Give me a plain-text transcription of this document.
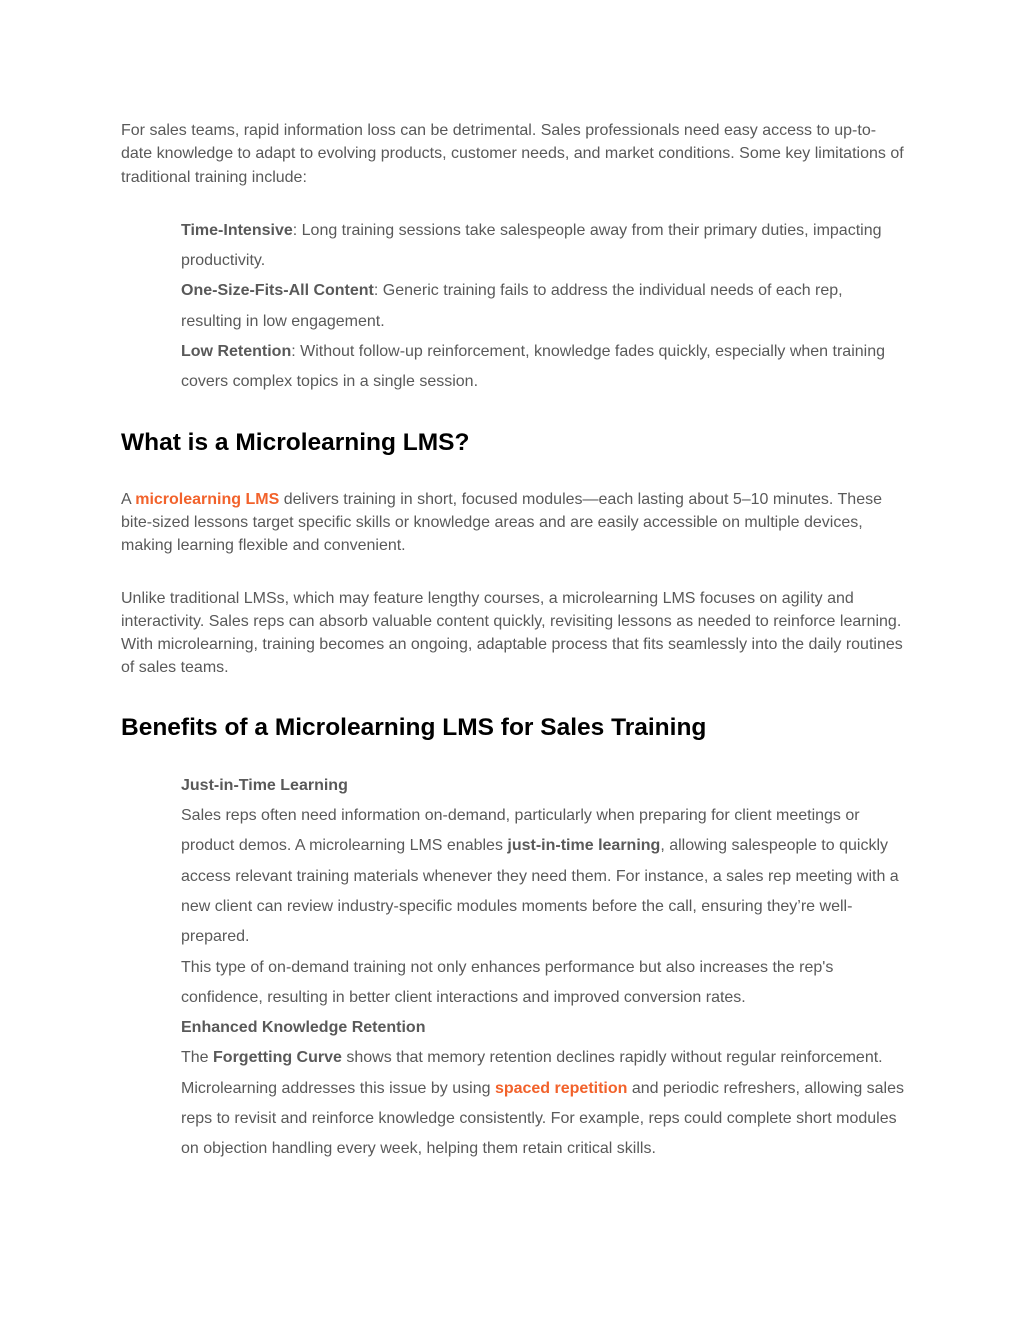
For sales teams, rapid information loss can be detrimental. Sales professionals need easy access to up-to-date knowledge to adapt to evolving products, customer needs, and market conditions. Some key limitations of traditional training include:

Time-Intensive: Long training sessions take salespeople away from their primary duties, impacting productivity.

One-Size-Fits-All Content: Generic training fails to address the individual needs of each rep, resulting in low engagement.

Low Retention: Without follow-up reinforcement, knowledge fades quickly, especially when training covers complex topics in a single session.

What is a Microlearning LMS?

A microlearning LMS delivers training in short, focused modules—each lasting about 5–10 minutes. These bite-sized lessons target specific skills or knowledge areas and are easily accessible on multiple devices, making learning flexible and convenient.

Unlike traditional LMSs, which may feature lengthy courses, a microlearning LMS focuses on agility and interactivity. Sales reps can absorb valuable content quickly, revisiting lessons as needed to reinforce learning. With microlearning, training becomes an ongoing, adaptable process that fits seamlessly into the daily routines of sales teams.

Benefits of a Microlearning LMS for Sales Training

Just-in-Time Learning

Sales reps often need information on-demand, particularly when preparing for client meetings or product demos. A microlearning LMS enables just-in-time learning, allowing salespeople to quickly access relevant training materials whenever they need them. For instance, a sales rep meeting with a new client can review industry-specific modules moments before the call, ensuring they’re well-prepared.

This type of on-demand training not only enhances performance but also increases the rep's confidence, resulting in better client interactions and improved conversion rates.

Enhanced Knowledge Retention

The Forgetting Curve shows that memory retention declines rapidly without regular reinforcement. Microlearning addresses this issue by using spaced repetition and periodic refreshers, allowing sales reps to revisit and reinforce knowledge consistently. For example, reps could complete short modules on objection handling every week, helping them retain critical skills.
